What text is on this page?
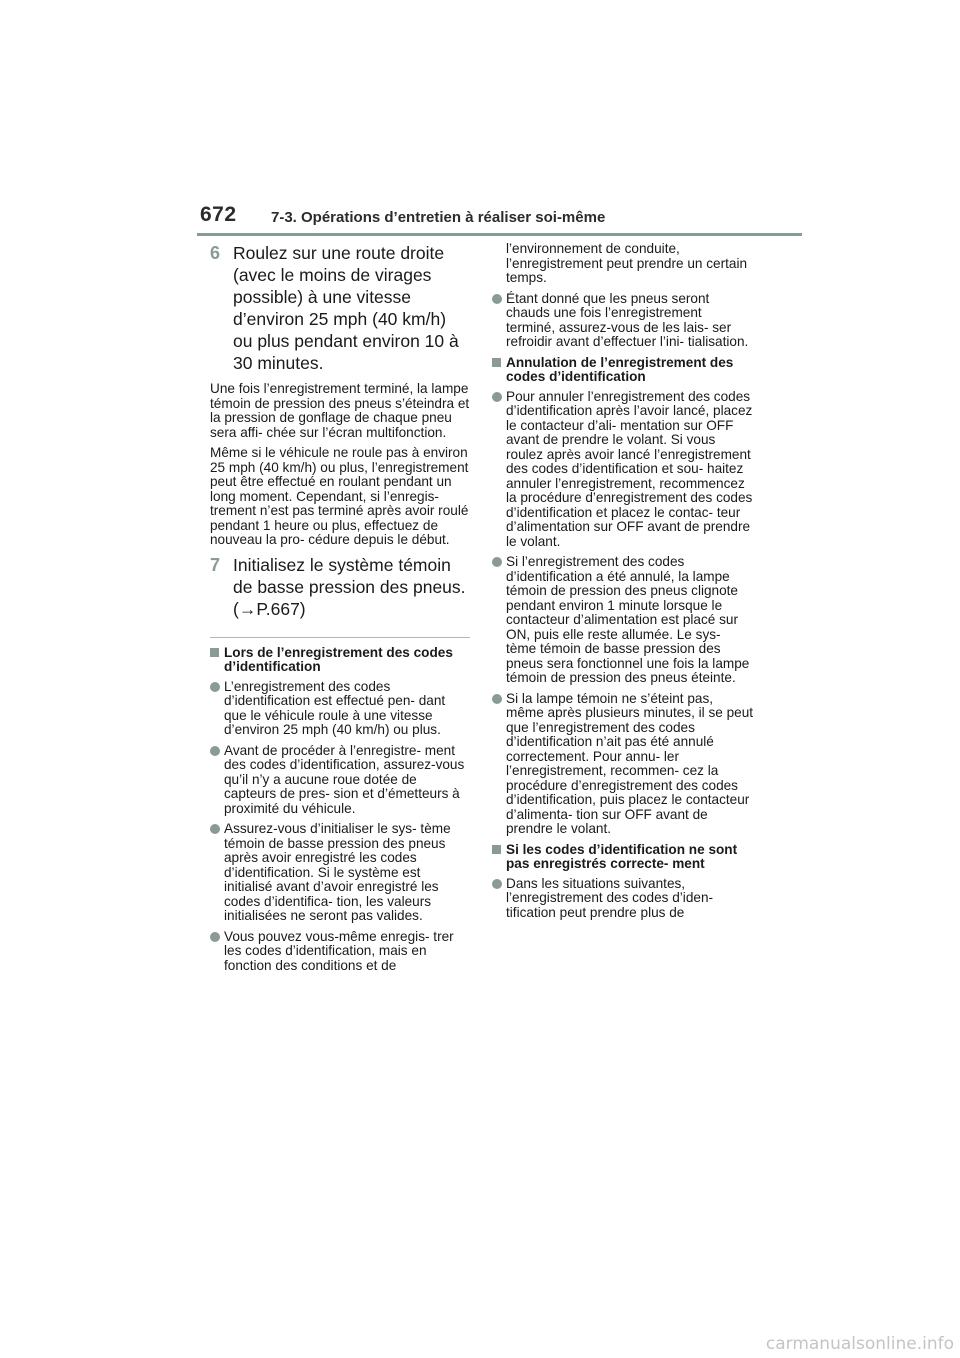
672 7-3. Opérations d’entretien à réaliser soi-même
6 Roulez sur une route droite (avec le moins de virages possible) à une vitesse d’environ 25 mph (40 km/h) ou plus pendant environ 10 à 30 minutes.

Une fois l’enregistrement terminé, la lampe témoin de pression des pneus s’éteindra et la pression de gonflage de chaque pneu sera affi- chée sur l’écran multifonction.

Même si le véhicule ne roule pas à environ 25 mph (40 km/h) ou plus, l’enregistrement peut être effectué en roulant pendant un long moment. Cependant, si l’enregis- trement n’est pas terminé après avoir roulé pendant 1 heure ou plus, effectuez de nouveau la pro- cédure depuis le début.

7 Initialisez le système témoin de basse pression des pneus. (→P.667)
Lors de l’enregistrement des codes d’identification
L’enregistrement des codes d’identification est effectué pen- dant que le véhicule roule à une vitesse d’environ 25 mph (40 km/h) ou plus.
Avant de procéder à l’enregistre- ment des codes d’identification, assurez-vous qu’il n’y a aucune roue dotée de capteurs de pres- sion et d’émetteurs à proximité du véhicule.
Assurez-vous d’initialiser le sys- tème témoin de basse pression des pneus après avoir enregistré les codes d’identification. Si le système est initialisé avant d’avoir enregistré les codes d’identifica- tion, les valeurs initialisées ne seront pas valides.
Vous pouvez vous-même enregis- trer les codes d’identification, mais en fonction des conditions et de

l’environnement de conduite, l’enregistrement peut prendre un certain temps.

Étant donné que les pneus seront chauds une fois l’enregistrement terminé, assurez-vous de les lais- ser refroidir avant d’effectuer l’ini- tialisation.
Annulation de l’enregistrement des codes d’identification
Pour annuler l’enregistrement des codes d’identification après l’avoir lancé, placez le contacteur d’ali- mentation sur OFF avant de prendre le volant. Si vous roulez après avoir lancé l’enregistrement des codes d’identification et sou- haitez annuler l’enregistrement, recommencez la procédure d’enregistrement des codes d’identification et placez le contac- teur d’alimentation sur OFF avant de prendre le volant.
Si l’enregistrement des codes d’identification a été annulé, la lampe témoin de pression des pneus clignote pendant environ 1 minute lorsque le contacteur d’alimentation est placé sur ON, puis elle reste allumée. Le sys- tème témoin de basse pression des pneus sera fonctionnel une fois la lampe témoin de pression des pneus éteinte.
Si la lampe témoin ne s’éteint pas, même après plusieurs minutes, il se peut que l’enregistrement des codes d’identification n’ait pas été annulé correctement. Pour annu- ler l’enregistrement, recommen- cez la procédure d’enregistrement des codes d’identification, puis placez le contacteur d’alimenta- tion sur OFF avant de prendre le volant.
Si les codes d’identification ne sont pas enregistrés correcte- ment
Dans les situations suivantes, l’enregistrement des codes d’iden- tification peut prendre plus de
carmanualsonline.info
